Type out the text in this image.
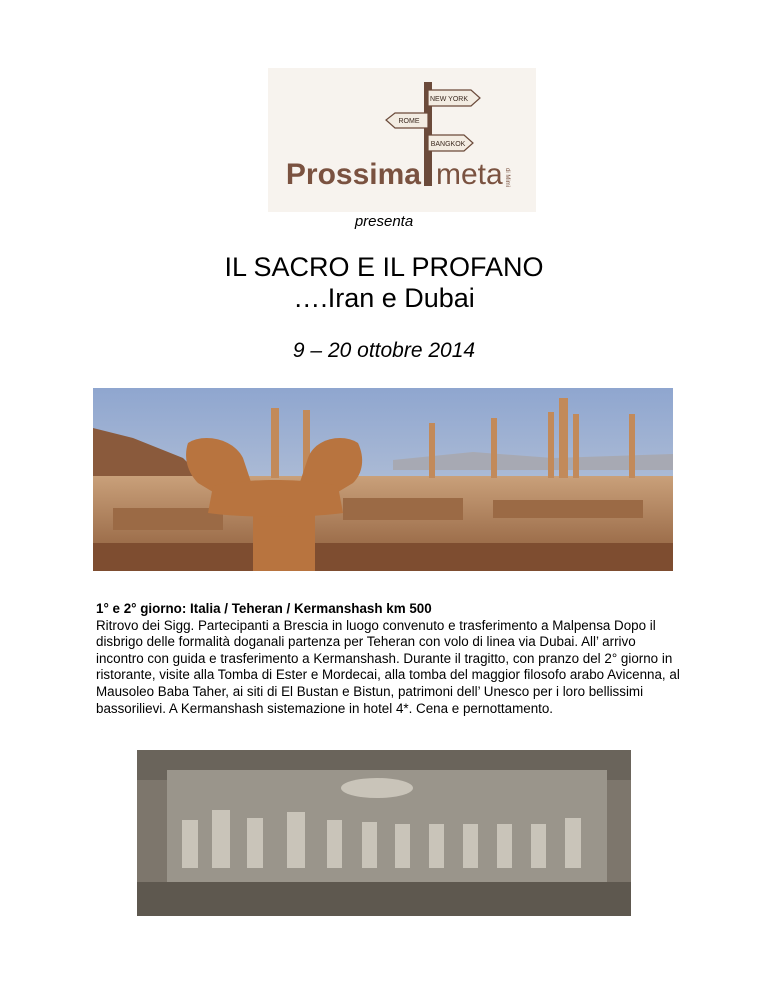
NEW YORK
ROME
BANGKOK
Prossima meta di Mimì
presenta
IL SACRO E IL PROFANO
….Iran e Dubai
9 – 20 ottobre 2014
1° e 2° giorno: Italia / Teheran / Kermanshash km 500
Ritrovo dei Sigg. Partecipanti a Brescia in luogo convenuto e trasferimento a Malpensa Dopo il disbrigo delle formalità doganali partenza per Teheran con volo di linea via Dubai. All’ arrivo incontro con guida e trasferimento a Kermanshash. Durante il tragitto, con pranzo del 2° giorno in ristorante, visite alla Tomba di Ester e Mordecai, alla tomba del maggior filosofo arabo Avicenna, al Mausoleo Baba Taher, ai siti di El Bustan e Bistun, patrimoni dell’ Unesco per i loro bellissimi bassorilievi. A Kermanshash sistemazione in hotel 4*. Cena e pernottamento.
